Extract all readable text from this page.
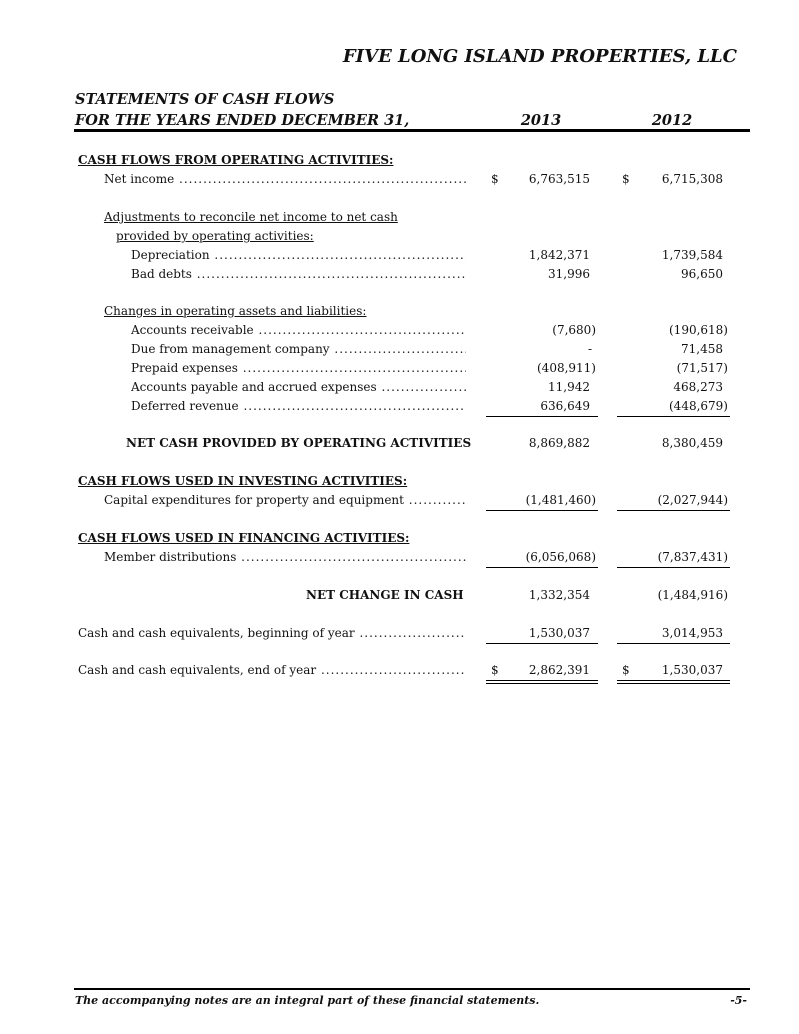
FIVE LONG ISLAND PROPERTIES, LLC
STATEMENTS OF CASH FLOWS
FOR THE YEARS ENDED DECEMBER 31,	2013	2012
CASH FLOWS FROM OPERATING ACTIVITIES:
Net income .....	$	6,763,515	$	6,715,308
Adjustments to reconcile net income to net cash
provided by operating activities:
Depreciation .....	1,842,371	1,739,584
Bad debts .....	31,996	96,650
Changes in operating assets and liabilities:
Accounts receivable .....	(7,680)	(190,618)
Due from management company .....	-	71,458
Prepaid expenses .....	(408,911)	(71,517)
Accounts payable and accrued expenses .....	11,942	468,273
Deferred revenue .....	636,649	(448,679)
NET CASH PROVIDED BY OPERATING ACTIVITIES	8,869,882	8,380,459
CASH FLOWS USED IN INVESTING ACTIVITIES:
Capital expenditures for property and equipment .....	(1,481,460)	(2,027,944)
CASH FLOWS USED IN FINANCING ACTIVITIES:
Member distributions .....	(6,056,068)	(7,837,431)
NET CHANGE IN CASH	1,332,354	(1,484,916)
Cash and cash equivalents, beginning of year .....	1,530,037	3,014,953
Cash and cash equivalents, end of year .....	$	2,862,391	$	1,530,037
The accompanying notes are an integral part of these financial statements.	-5-
